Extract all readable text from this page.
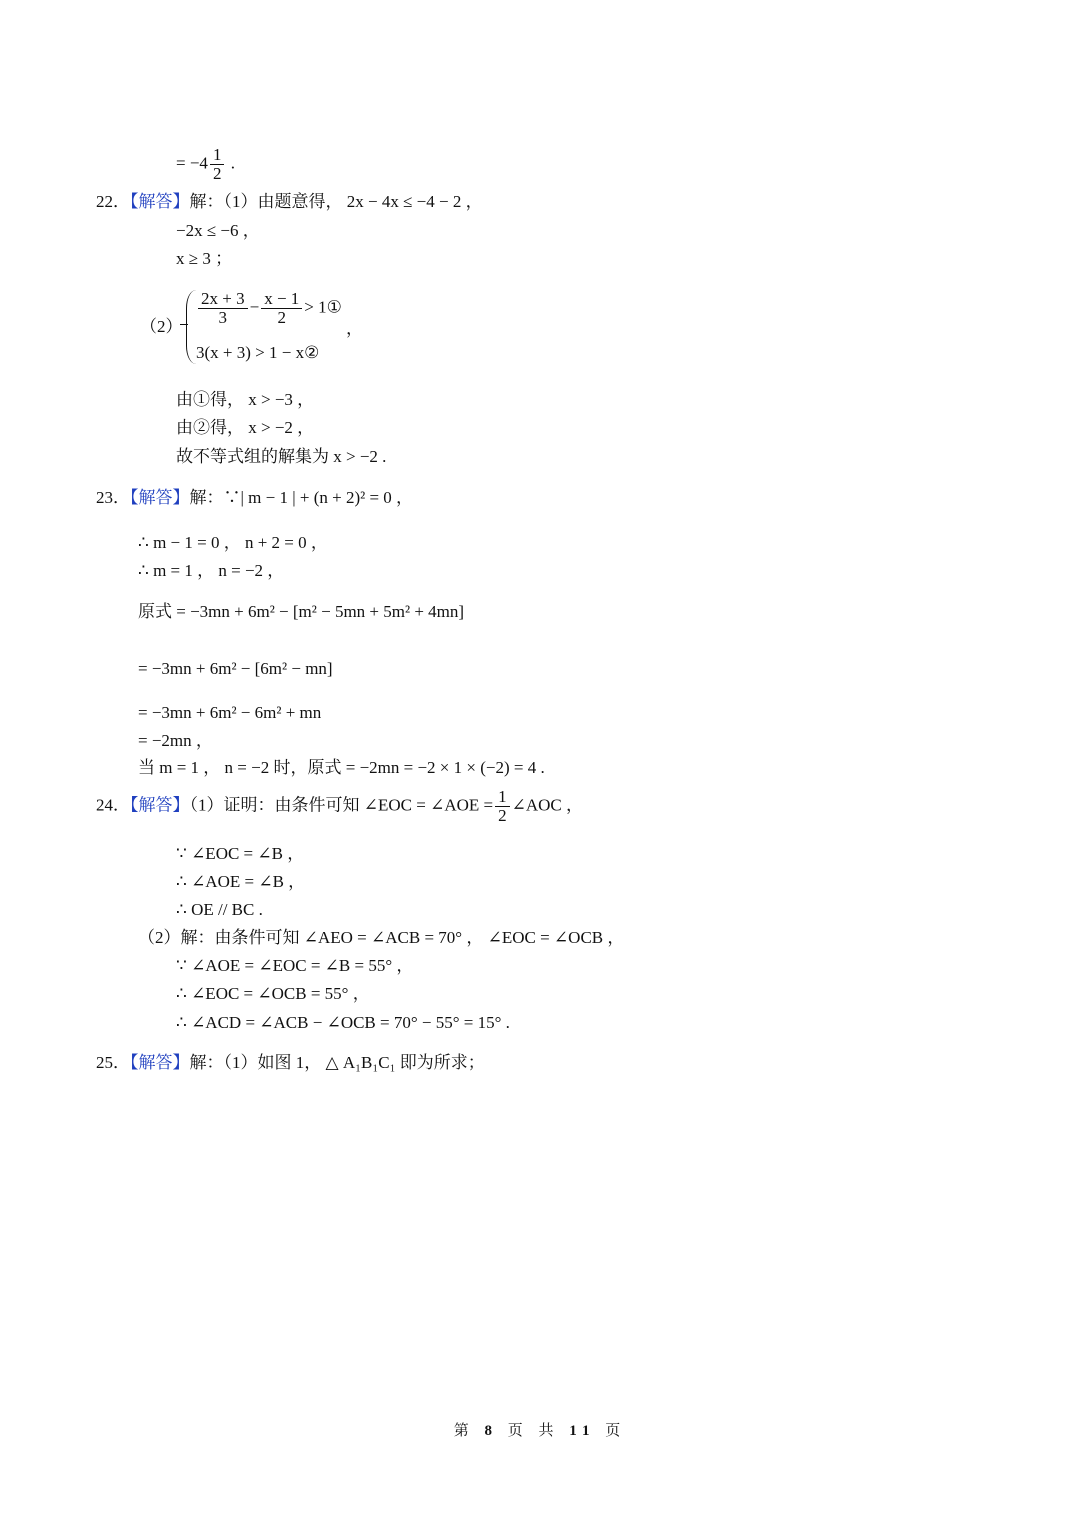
= $-4 \frac{1}{2}$ .
22．【解答】解：（1）由题意得， 2x − 4x ≤ −4 − 2 ，
−2x ≤ −6 ，
x ≥ 3 ；
$(2) \frac{2x + 3}{3} - \frac{x - 1}{2}$ > 1①
，
3(x + 3) > 1 − x②
由①得， x > −3 ，
由②得， x > −2 ，
故不等式组的解集为 x > −2 .
23．【解答】解：∵| m − 1 | + (n + 2)² = 0 ，
∴ m − 1 = 0 ， n + 2 = 0 ，
∴ m = 1 ， n = −2 ，
原式 = −3mn + 6m² − [m² − 5mn + 5m² + 4mn]
= −3mn + 6m² − [6m² − mn]
= −3mn + 6m² − 6m² + mn
= −2mn ，
当 m = 1 ， n = −2 时，原式 = −2mn = −2 × 1 × (−2) = 4 .
24．【解答】（1）证明：由条件可知 ∠EOC = ∠AOE = $\frac{1}{2}$ ∠AOC ，
∵ ∠EOC = ∠B ，
∴ ∠AOE = ∠B ，
∴ OE // BC .
（2）解：由条件可知 ∠AEO = ∠ACB = 70° ， ∠EOC = ∠OCB ，
∵ ∠AOE = ∠EOC = ∠B = 55° ，
∴ ∠EOC = ∠OCB = 55° ，
∴ ∠ACD = ∠ACB − ∠OCB = 70° − 55° = 15° .
25．【解答】解：（1）如图 1， △ A₁B₁C₁ 即为所求；
第 8 页 共 11 页
